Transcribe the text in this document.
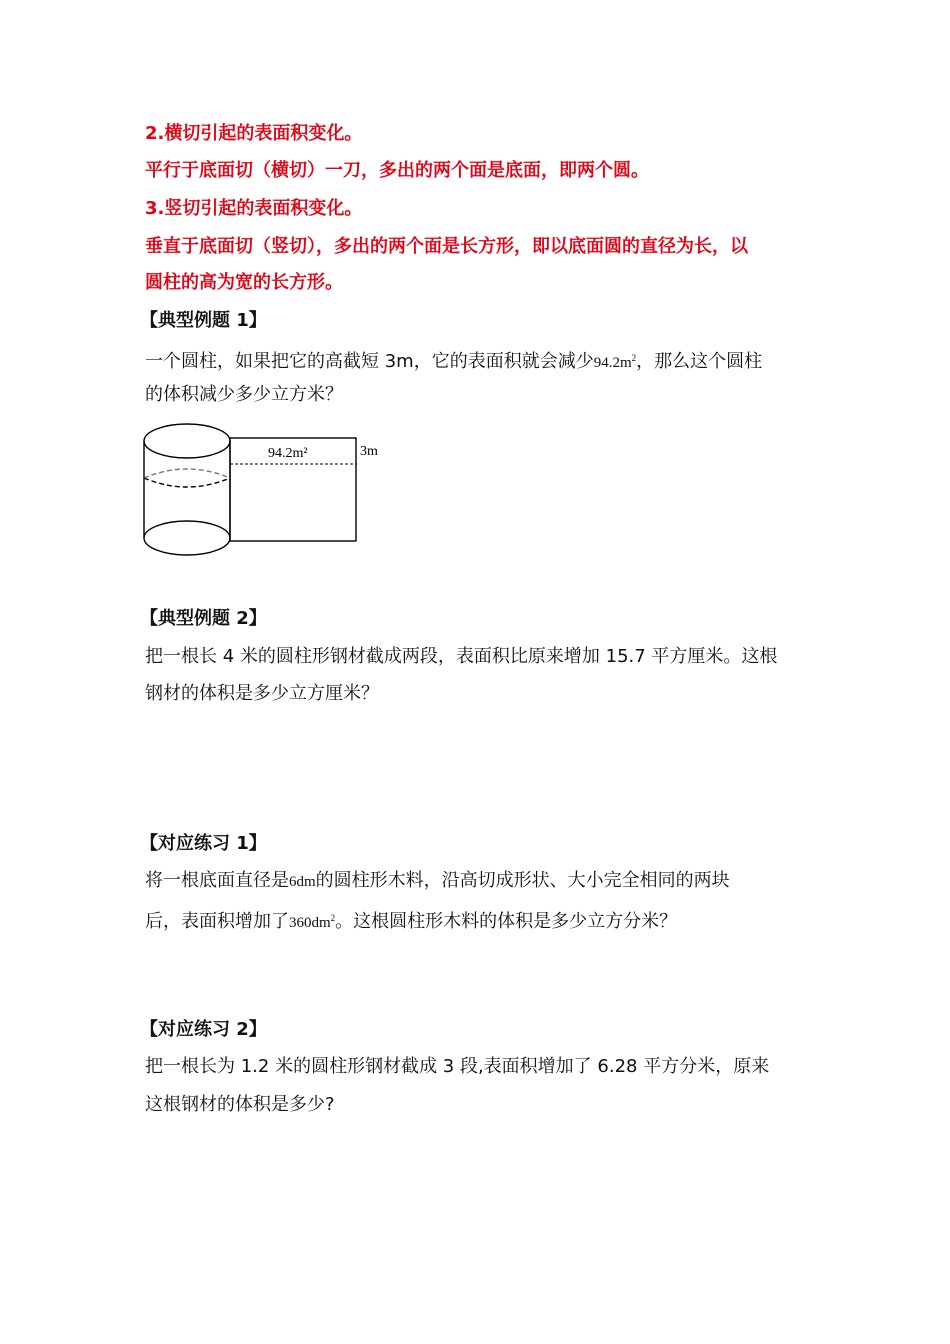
2.横切引起的表面积变化。
平行于底面切（横切）一刀，多出的两个面是底面，即两个圆。
3.竖切引起的表面积变化。
垂直于底面切（竖切），多出的两个面是长方形，即以底面圆的直径为长，以
圆柱的高为宽的长方形。
【典型例题 1】
一个圆柱，如果把它的高截短 3m，它的表面积就会减少$94.2m^2$，那么这个圆柱
的体积减少多少立方米？
94.2m²	3m
【典型例题 2】
把一根长 4 米的圆柱形钢材截成两段，表面积比原来增加 15.7 平方厘米。这根
钢材的体积是多少立方厘米？
【对应练习 1】
将一根底面直径是6dm的圆柱形木料，沿高切成形状、大小完全相同的两块
后，表面积增加了$360dm^2$。这根圆柱形木料的体积是多少立方分米？
【对应练习 2】
把一根长为 1.2 米的圆柱形钢材截成 3 段,表面积增加了 6.28 平方分米，原来
这根钢材的体积是多少?
